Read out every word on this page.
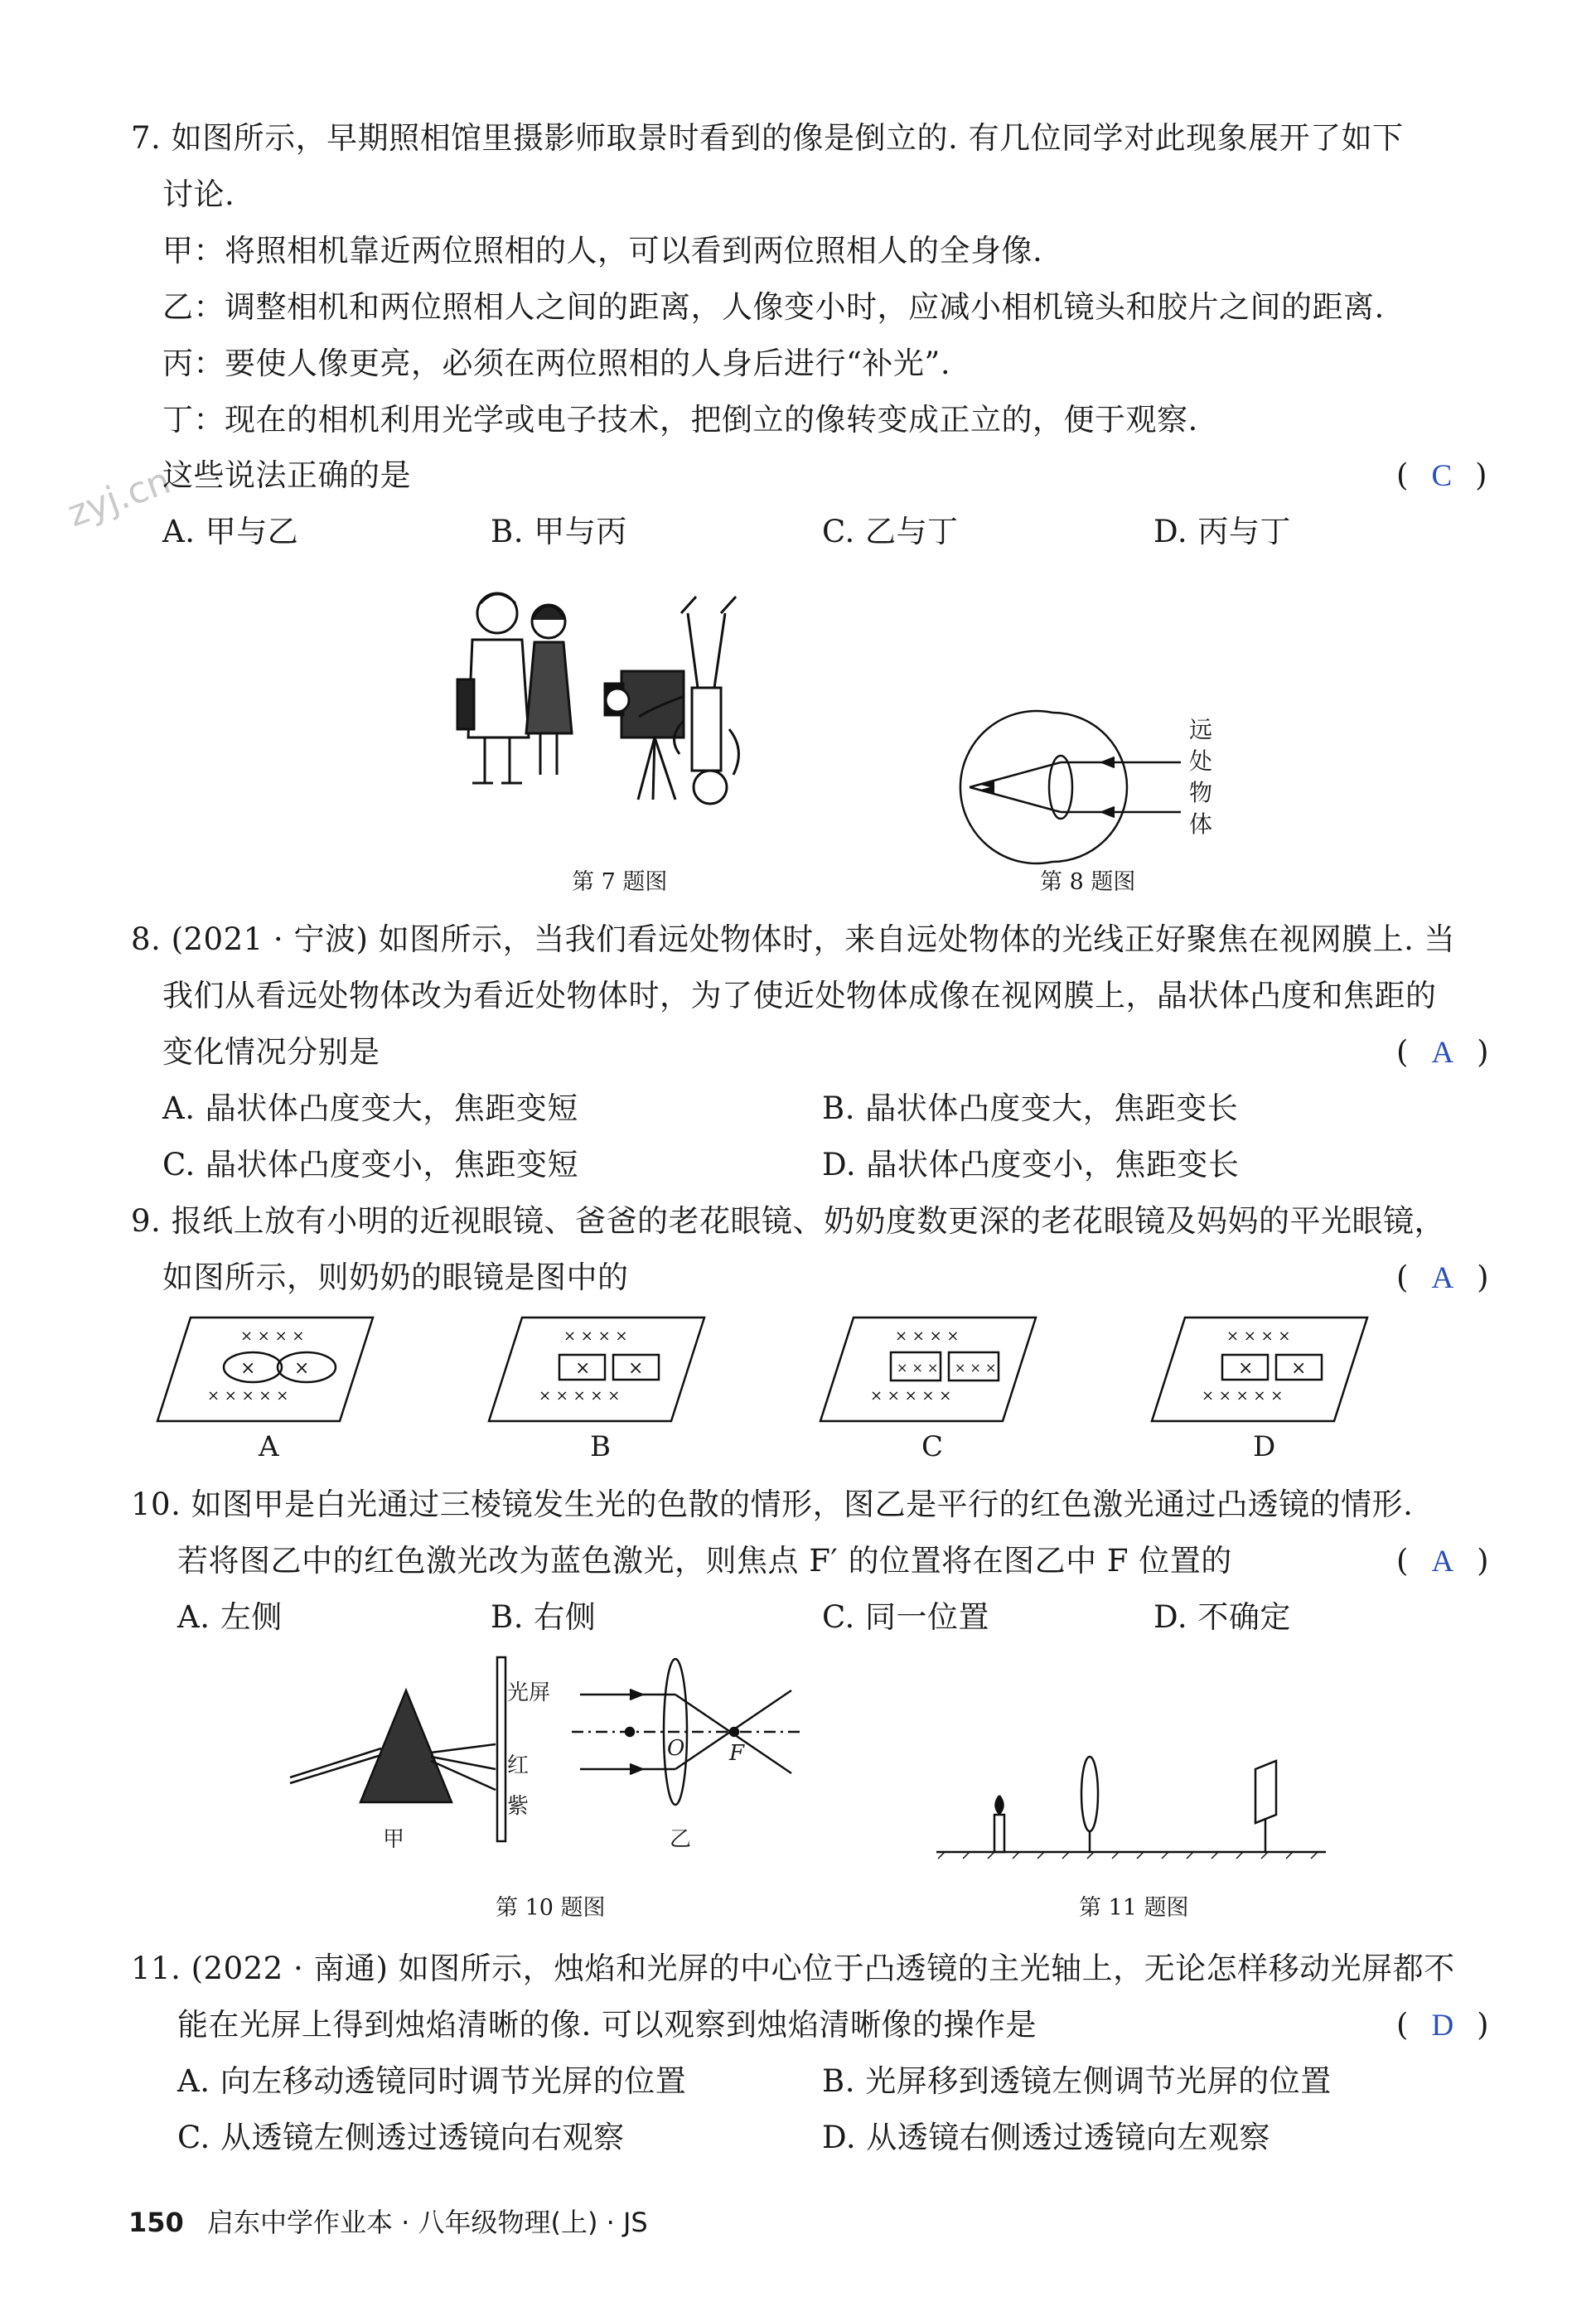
zyj.cn
7. 如图所示，早期照相馆里摄影师取景时看到的像是倒立的. 有几位同学对此现象展开了如下
讨论.
甲：将照相机靠近两位照相的人，可以看到两位照相人的全身像.
乙：调整相机和两位照相人之间的距离，人像变小时，应减小相机镜头和胶片之间的距离.
丙：要使人像更亮，必须在两位照相的人身后进行“补光”.
丁：现在的相机利用光学或电子技术，把倒立的像转变成正立的，便于观察.
这些说法正确的是	( C )
A. 甲与乙	B. 甲与丙	C. 乙与丁	D. 丙与丁
第 7 题图
远
处
物
体
第 8 题图
8. (2021 · 宁波) 如图所示，当我们看远处物体时，来自远处物体的光线正好聚焦在视网膜上. 当
我们从看远处物体改为看近处物体时，为了使近处物体成像在视网膜上，晶状体凸度和焦距的
变化情况分别是	( A )
A. 晶状体凸度变大，焦距变短	B. 晶状体凸度变大，焦距变长
C. 晶状体凸度变小，焦距变短	D. 晶状体凸度变小，焦距变长
9. 报纸上放有小明的近视眼镜、爸爸的老花眼镜、奶奶度数更深的老花眼镜及妈妈的平光眼镜，
如图所示，则奶奶的眼镜是图中的	( A )
× × × ×
× ×
× × × × ×
× × × ×
× ×
× × × × ×
× × × ×
× × × × × ×
× × × × ×
× × × ×
× ×
× × × × ×
A	B	C	D
10. 如图甲是白光通过三棱镜发生光的色散的情形，图乙是平行的红色激光通过凸透镜的情形.
若将图乙中的红色激光改为蓝色激光，则焦点 F′ 的位置将在图乙中 F 位置的	( A )
A. 左侧	B. 右侧	C. 同一位置	D. 不确定
光屏
红
紫
甲
O F
乙
第 10 题图	第 11 题图
11. (2022 · 南通) 如图所示，烛焰和光屏的中心位于凸透镜的主光轴上，无论怎样移动光屏都不
能在光屏上得到烛焰清晰的像. 可以观察到烛焰清晰像的操作是	( D )
A. 向左移动透镜同时调节光屏的位置	B. 光屏移到透镜左侧调节光屏的位置
C. 从透镜左侧透过透镜向右观察	D. 从透镜右侧透过透镜向左观察
150 启东中学作业本 · 八年级物理(上) · JS
